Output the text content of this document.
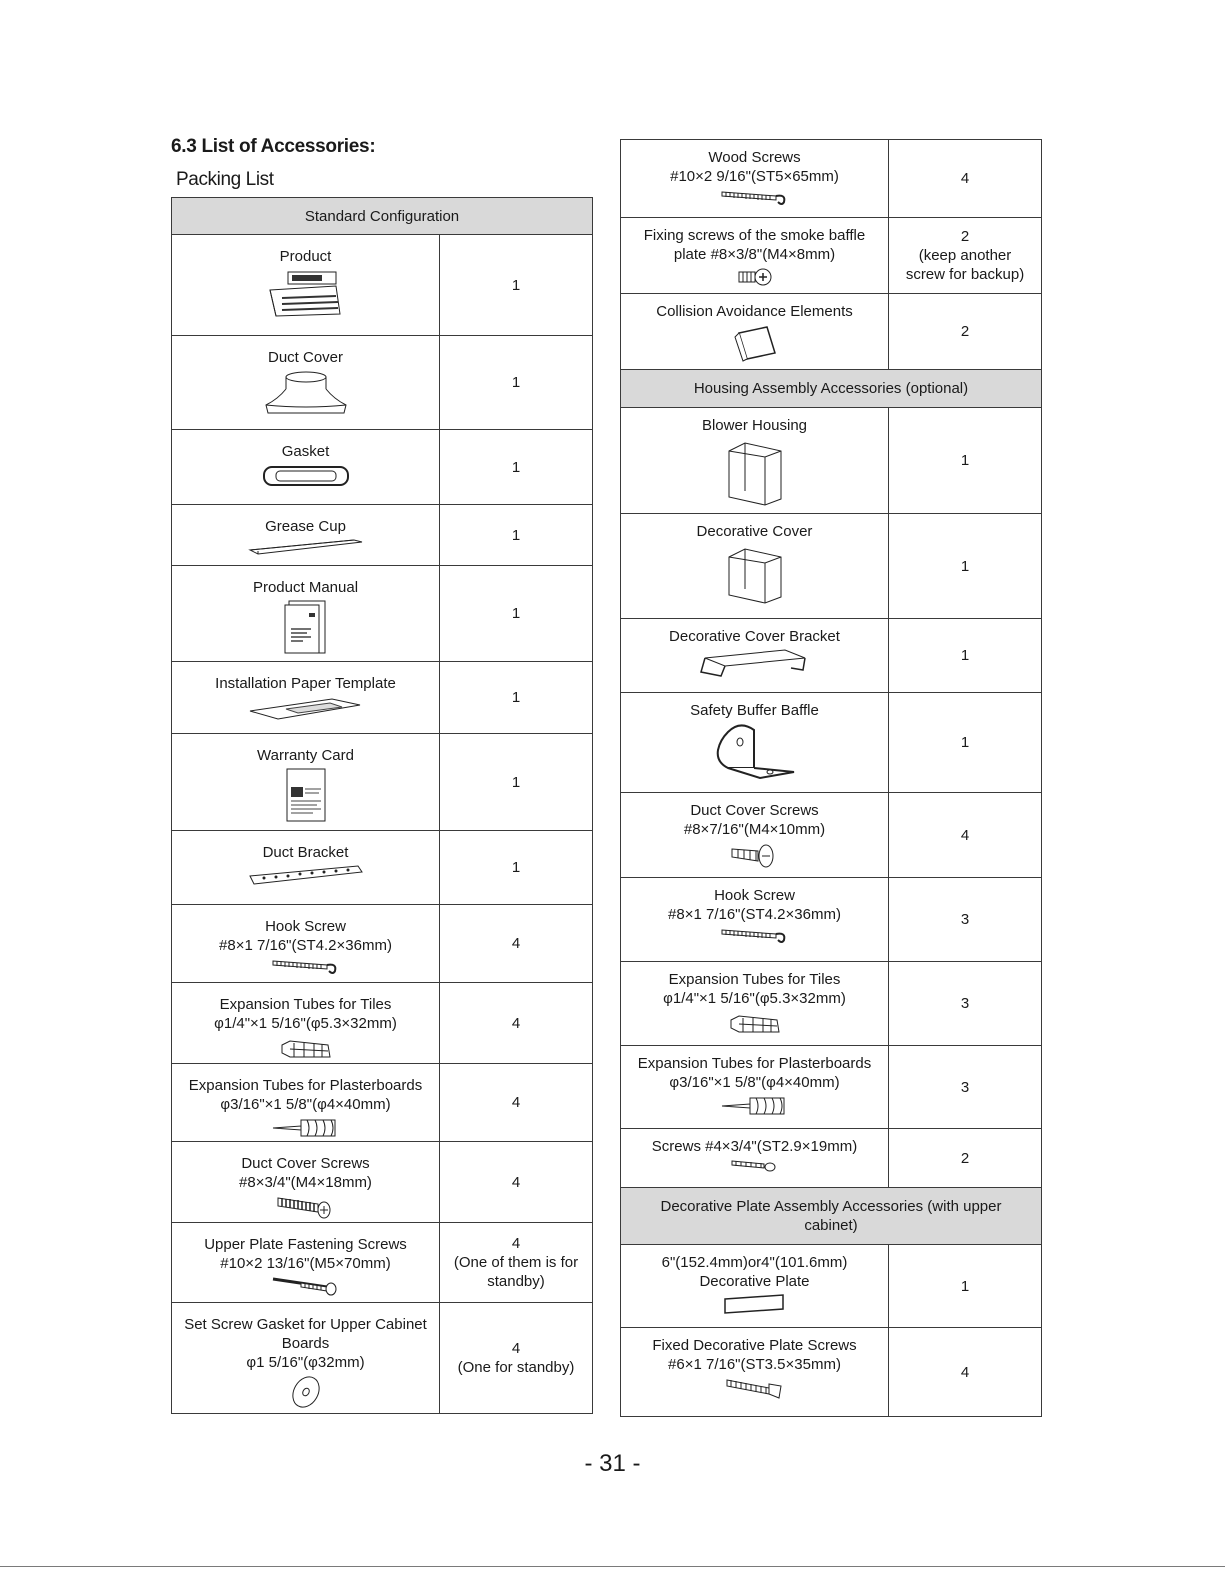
6.3 List of Accessories:
Packing List
Standard Configuration	

Product	1

Duct Cover	1

Gasket	1

Grease Cup	1

Product Manual	1

Installation Paper Template	1

Warranty Card	1

Duct Bracket	1

Hook Screw
#8×1 7/16"(ST4.2×36mm)	4

Expansion Tubes for Tiles
φ1/4"×1 5/16"(φ5.3×32mm)	4

Expansion Tubes for Plasterboards
φ3/16"×1 5/8"(φ4×40mm)	4

Duct Cover Screws
#8×3/4"(M4×18mm)	4

Upper Plate Fastening Screws
#10×2 13/16"(M5×70mm)	4
(One of them is for
standby)

Set Screw Gasket for Upper Cabinet
Boards
φ1 5/16"(φ32mm)	4
(One for standby)
Wood Screws
#10×2 9/16"(ST5×65mm)	4

Fixing screws of the smoke baffle
plate #8×3/8"(M4×8mm)	2
(keep another
screw for backup)

Collision Avoidance Elements	2
Housing Assembly Accessories (optional)	

Blower Housing	1

Decorative Cover	1

Decorative Cover Bracket	1

Safety Buffer Baffle	1

Duct Cover Screws
#8×7/16"(M4×10mm)	4

Hook Screw
#8×1 7/16"(ST4.2×36mm)	3

Expansion Tubes for Tiles
φ1/4"×1 5/16"(φ5.3×32mm)	3

Expansion Tubes for Plasterboards
φ3/16"×1 5/8"(φ4×40mm)	3

Screws #4×3/4"(ST2.9×19mm)	2
Decorative Plate Assembly Accessories (with upper
cabinet)	

6"(152.4mm)or4"(101.6mm)
Decorative Plate	1

Fixed Decorative Plate Screws
#6×1 7/16"(ST3.5×35mm)	4
- 31 -
